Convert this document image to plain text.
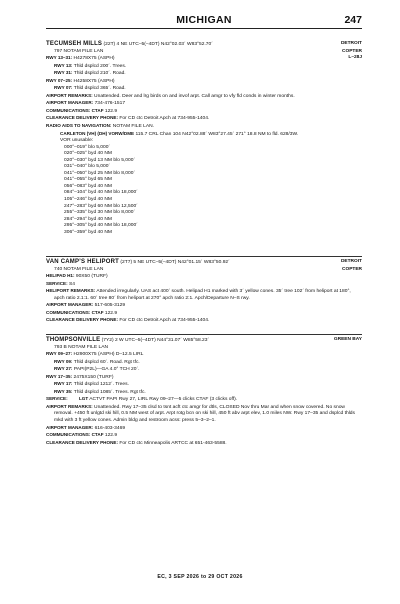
MICHIGAN	247
TECUMSEH MILLS (22T) 4 NE UTC–5(–4DT) N42°02.03´ W83°52.70´	DETROIT
797 NOTAM FILE LAN	COPTER
RWY 13–31: H4278X75 (ASPH)	L–28J
RWY 13: Thld dsplcd 200´. Trees.
RWY 31: Thld dsplcd 210´. Road.
RWY 07–25: H4258X75 (ASPH)
RWY 07: Thld dsplcd 365´. Road.
AIRPORT REMARKS: Unattended. Deer and lrg birds on and invof arpt. Call amgr to vfy fld conds in winter months.
AIRPORT MANAGER: 734-476-1517
COMMUNICATIONS: CTAF 122.9
CLEARANCE DELIVERY PHONE: For CD ctc Detroit Apch at 734-955-1404.
RADIO AIDS TO NAVIGATION: NOTAM FILE LAN.
CARLETON (VH) (DH) VORW/DME 115.7 CRL Chan 104 N42°02.88´ W83°27.45´ 271° 18.8 NM to fld. 628/3W.
VOR unusable:
000°–019° blo 5,000´
020°–025° byd 40 NM
020°–030° byd 13 NM blo 5,000´
031°–040° blo 5,000´
041°–050° byd 25 NM blo 8,000´
041°–055° byd 65 NM
056°–083° byd 40 NM
084°–104° byd 40 NM blo 18,000´
105°–246° byd 40 NM
247°–283° byd 60 NM blo 12,500´
255°–335° byd 30 NM blo 8,000´
284°–294° byd 40 NM
295°–305° byd 40 NM blo 18,000´
306°–359° byd 40 NM
VAN CAMP’S HELIPORT (2T7) 5 NE UTC–5(–4DT) N42°01.15´ W83°50.92´	DETROIT
740 NOTAM FILE LAN	COPTER
HELIPAD H1: 90X50 (TURF)
SERVICE: S4
HELIPORT REMARKS: Attended irregularly. UAS act 400´ south. Helipad H1 marked with 3´ yellow cones. 35´ tree 102´ from heliport at 180°, apch ratio 2.1:1. 60´ tree 80´ from heliport at 270° apch ratio 2:1. Apch/Departure N–S rwy.
AIRPORT MANAGER: 517-605-3129
COMMUNICATIONS: CTAF 122.9
CLEARANCE DELIVERY PHONE: For CD ctc Detroit Apch at 734-955-1404.
THOMPSONVILLE (7Y2) 2 W UTC–5(–4DT) N44°31.07´ W85°58.23´	GREEN BAY
793 B NOTAM FILE LAN
RWY 09–27: H2900X75 (ASPH) D–12.5 LIRL
RWY 09: Thld dsplcd 60´. Road. Rgt tfc.
RWY 27: PAPI(P2L)—GA 4.0° TCH 20´.
RWY 17–35: 2475X150 (TURF)
RWY 17: Thld dsplcd 1212´. Trees.
RWY 35: Thld dsplcd 1085´. Trees. Rgt tfc.
SERVICE: LGT ACTVT PAPI Rwy 27, LIRL Rwy 09–27—5 clicks CTAF (3 clicks off).
AIRPORT REMARKS: Unattended. Rwy 17–35 clsd to tsnt acft ctc amgr for dtls, CLOSED Nov thru Mar and when snow covered. No snow removal. +450 ft unlgtd ski hill, 0.5 NM west of arpt. Arpt rotg bcn on ski hill, 450 ft abv arpt elev, 1.0 miles NW. Rwy 17–35 and dsplcd thlds mkd with 3 ft yellow cones. Admin bldg and restroom acss: press 5–3–2–1.
AIRPORT MANAGER: 616-403-3469
COMMUNICATIONS: CTAF 122.9
CLEARANCE DELIVERY PHONE: For CD ctc Minneapolis ARTCC at 651-463-5588.
EC, 3 SEP 2026 to 29 OCT 2026
